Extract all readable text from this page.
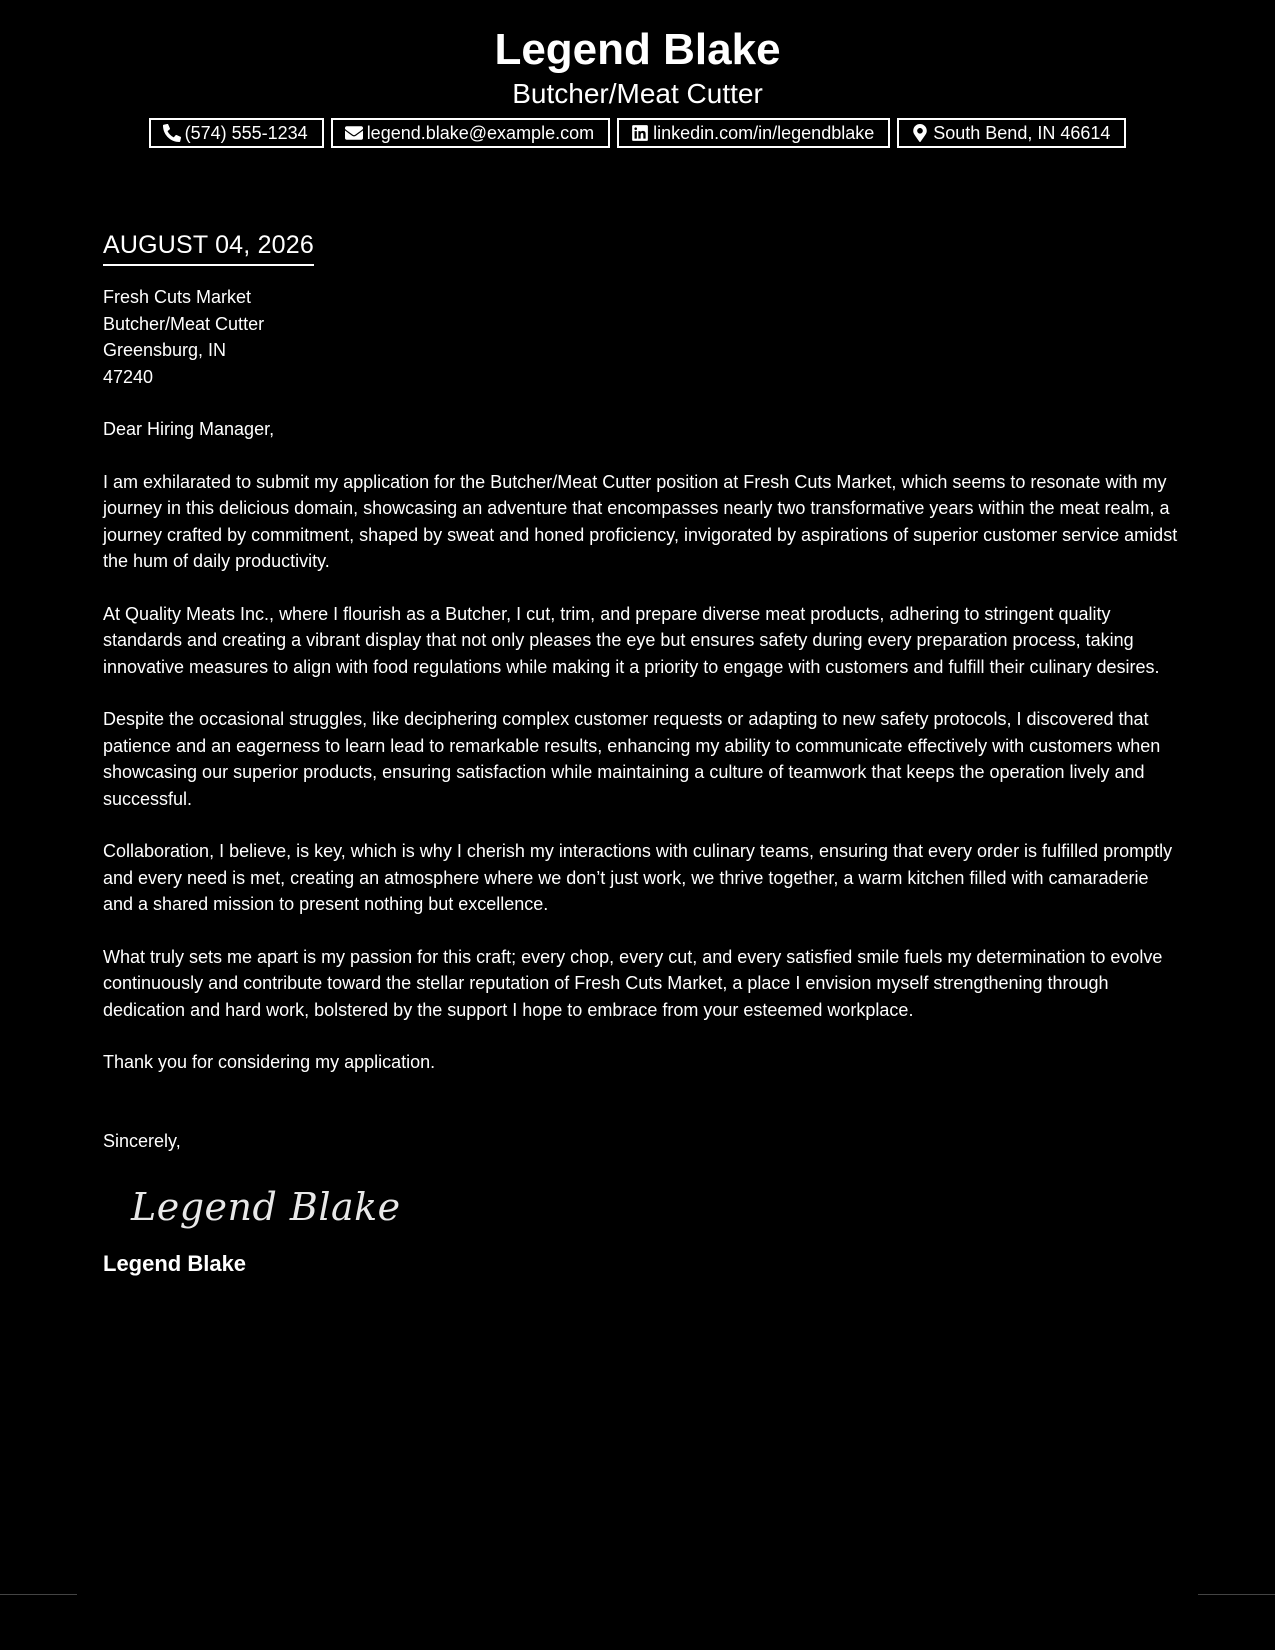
Legend Blake
Butcher/Meat Cutter
(574) 555-1234	legend.blake@example.com	linkedin.com/in/legendblake	South Bend, IN 46614
AUGUST 04, 2026
Fresh Cuts Market
Butcher/Meat Cutter
Greensburg, IN
47240
Dear Hiring Manager,

I am exhilarated to submit my application for the Butcher/Meat Cutter position at Fresh Cuts Market, which seems to resonate with my journey in this delicious domain, showcasing an adventure that encompasses nearly two transformative years within the meat realm, a journey crafted by commitment, shaped by sweat and honed proficiency, invigorated by aspirations of superior customer service amidst the hum of daily productivity.

At Quality Meats Inc., where I flourish as a Butcher, I cut, trim, and prepare diverse meat products, adhering to stringent quality standards and creating a vibrant display that not only pleases the eye but ensures safety during every preparation process, taking innovative measures to align with food regulations while making it a priority to engage with customers and fulfill their culinary desires.

Despite the occasional struggles, like deciphering complex customer requests or adapting to new safety protocols, I discovered that patience and an eagerness to learn lead to remarkable results, enhancing my ability to communicate effectively with customers when showcasing our superior products, ensuring satisfaction while maintaining a culture of teamwork that keeps the operation lively and successful.

Collaboration, I believe, is key, which is why I cherish my interactions with culinary teams, ensuring that every order is fulfilled promptly and every need is met, creating an atmosphere where we don’t just work, we thrive together, a warm kitchen filled with camaraderie and a shared mission to present nothing but excellence.

What truly sets me apart is my passion for this craft; every chop, every cut, and every satisfied smile fuels my determination to evolve continuously and contribute toward the stellar reputation of Fresh Cuts Market, a place I envision myself strengthening through dedication and hard work, bolstered by the support I hope to embrace from your esteemed workplace.

Thank you for considering my application.

Sincerely,
Legend Blake
Legend Blake
